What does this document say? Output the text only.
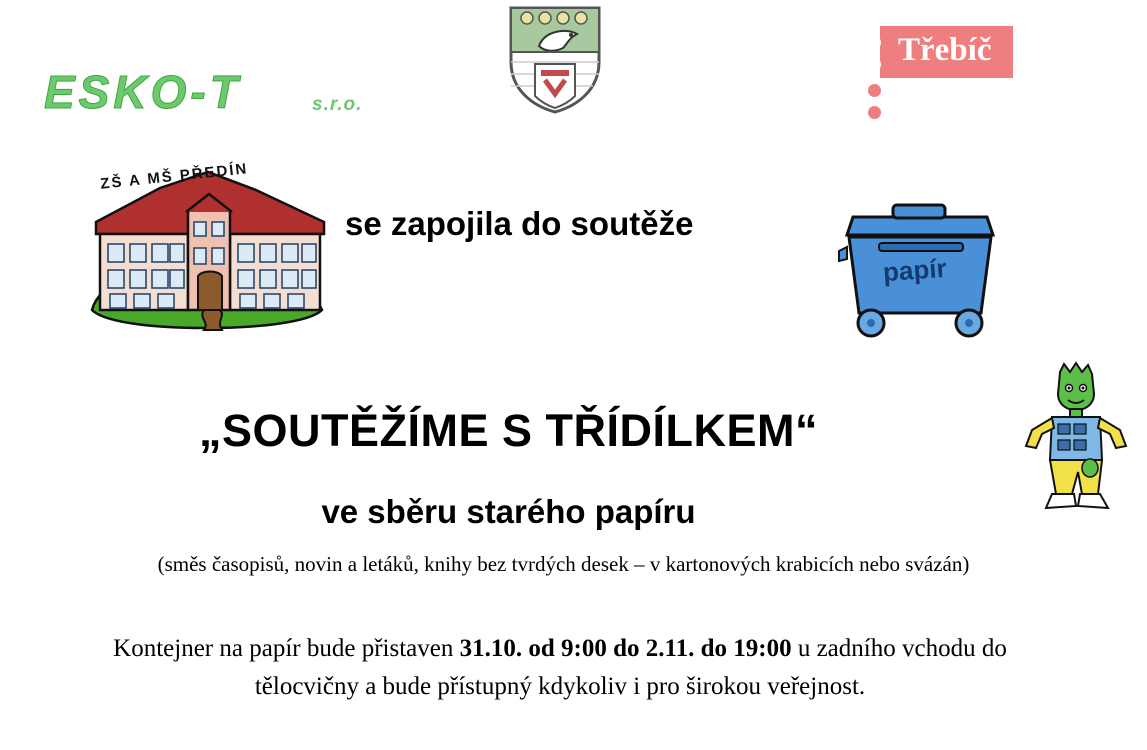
ESKO-T	s.r.o.
Třebíč
ZŠ A MŠ PŘEDÍN
papír
se zapojila do soutěže
„SOUTĚŽÍME S TŘÍDÍLKEM“
ve sběru starého papíru
(směs časopisů, novin a letáků, knihy bez tvrdých desek – v kartonových krabicích nebo svázán)
Kontejner na papír bude přistaven 31.10. od 9:00 do 2.11. do 19:00 u zadního vchodu do tělocvičny a bude přístupný kdykoliv i pro širokou veřejnost.
